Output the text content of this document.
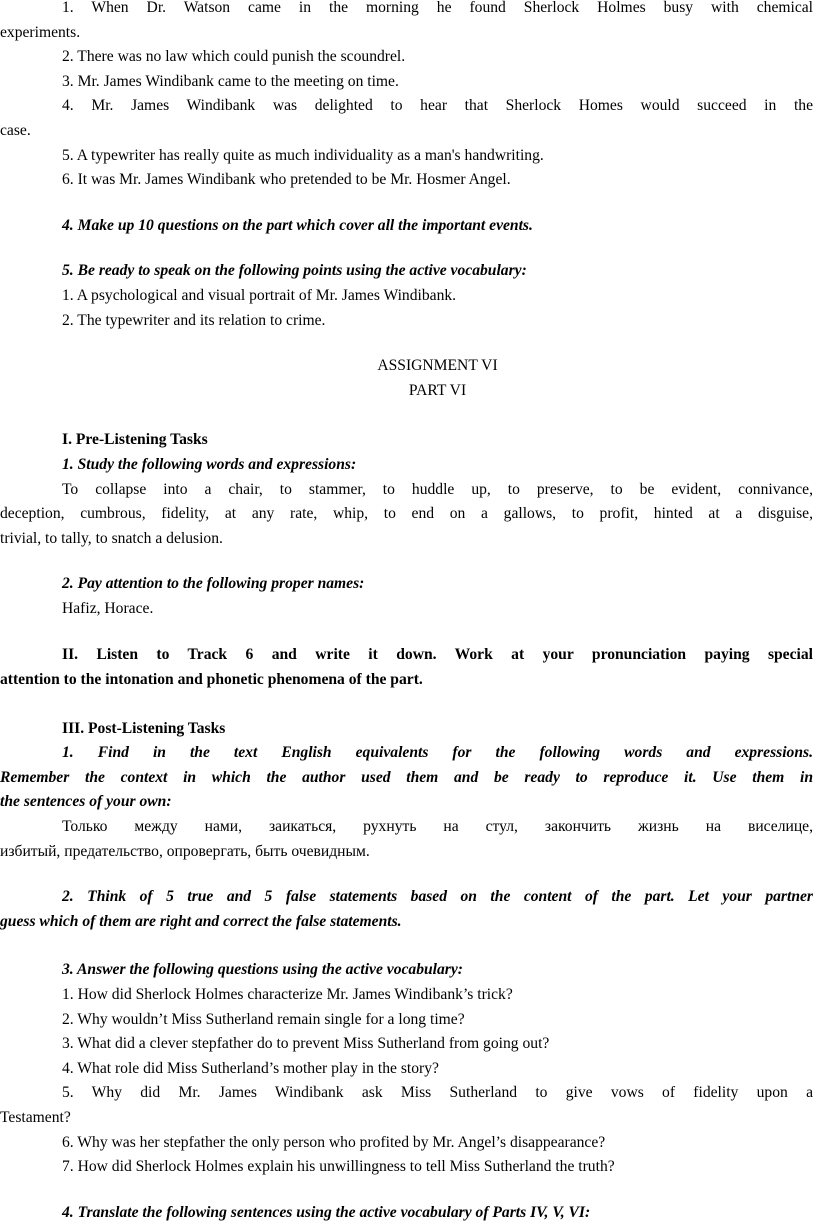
1. When Dr. Watson came in the morning he found Sherlock Holmes busy with chemical
experiments.
2. There was no law which could punish the scoundrel.
3. Mr. James Windibank came to the meeting on time.
4. Mr. James Windibank was delighted to hear that Sherlock Homes would succeed in the
case.
5. A typewriter has really quite as much individuality as a man's handwriting.
6. It was Mr. James Windibank who pretended to be Mr. Hosmer Angel.
4. Make up 10 questions on the part which cover all the important events.
5. Be ready to speak on the following points using the active vocabulary:
1. A psychological and visual portrait of Mr. James Windibank.
2. The typewriter and its relation to crime.
ASSIGNMENT VI
PART VI
I. Pre-Listening Tasks
1. Study the following words and expressions:
To collapse into a chair, to stammer, to huddle up, to preserve, to be evident, connivance,
deception, cumbrous, fidelity, at any rate, whip, to end on a gallows, to profit, hinted at a disguise,
trivial, to tally, to snatch a delusion.
2. Pay attention to the following proper names:
Hafiz, Horace.
II. Listen to Track 6 and write it down. Work at your pronunciation paying special
attention to the intonation and phonetic phenomena of the part.
III. Post-Listening Tasks
1. Find in the text English equivalents for the following words and expressions.
Remember the context in which the author used them and be ready to reproduce it. Use them in
the sentences of your own:
Только между нами, заикаться, рухнуть на стул, закончить жизнь на виселице,
избитый, предательство, опровергать, быть очевидным.
2. Think of 5 true and 5 false statements based on the content of the part. Let your partner
guess which of them are right and correct the false statements.
3. Answer the following questions using the active vocabulary:
1. How did Sherlock Holmes characterize Mr. James Windibank’s trick?
2. Why wouldn’t Miss Sutherland remain single for a long time?
3. What did a clever stepfather do to prevent Miss Sutherland from going out?
4. What role did Miss Sutherland’s mother play in the story?
5. Why did Mr. James Windibank ask Miss Sutherland to give vows of fidelity upon a
Testament?
6. Why was her stepfather the only person who profited by Mr. Angel’s disappearance?
7. How did Sherlock Holmes explain his unwillingness to tell Miss Sutherland the truth?
4. Translate the following sentences using the active vocabulary of Parts IV, V, VI:
